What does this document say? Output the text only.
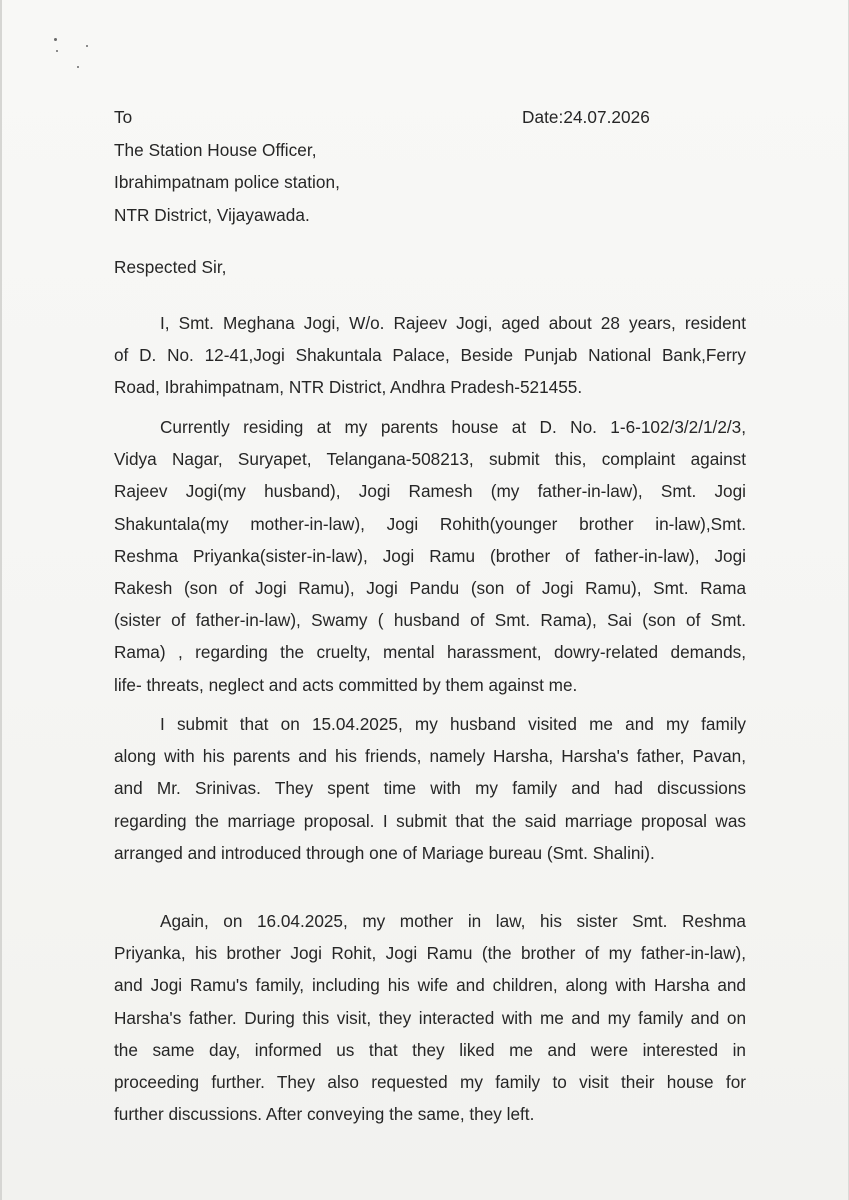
To	Date:24.07.2026
The Station House Officer,
Ibrahimpatnam police station,
NTR District, Vijayawada.
Respected Sir,
I, Smt. Meghana Jogi, W/o. Rajeev Jogi, aged about 28 years, resident
of D. No. 12-41,Jogi Shakuntala Palace, Beside Punjab National Bank,Ferry
Road, Ibrahimpatnam, NTR District, Andhra Pradesh-521455.
Currently residing at my parents house at D. No. 1-6-102/3/2/1/2/3,
Vidya Nagar, Suryapet, Telangana-508213, submit this, complaint against
Rajeev Jogi(my husband), Jogi Ramesh (my father-in-law), Smt. Jogi
Shakuntala(my mother-in-law), Jogi Rohith(younger brother in-law),Smt.
Reshma Priyanka(sister-in-law), Jogi Ramu (brother of father-in-law), Jogi
Rakesh (son of Jogi Ramu), Jogi Pandu (son of Jogi Ramu), Smt. Rama
(sister of father-in-law), Swamy ( husband of Smt. Rama), Sai (son of Smt.
Rama) , regarding the cruelty, mental harassment, dowry-related demands,
life- threats, neglect and acts committed by them against me.
I submit that on 15.04.2025, my husband visited me and my family
along with his parents and his friends, namely Harsha, Harsha's father, Pavan,
and Mr. Srinivas. They spent time with my family and had discussions
regarding the marriage proposal. I submit that the said marriage proposal was
arranged and introduced through one of Mariage bureau (Smt. Shalini).
Again, on 16.04.2025, my mother in law, his sister Smt. Reshma
Priyanka, his brother Jogi Rohit, Jogi Ramu (the brother of my father-in-law),
and Jogi Ramu's family, including his wife and children, along with Harsha and
Harsha's father. During this visit, they interacted with me and my family and on
the same day, informed us that they liked me and were interested in
proceeding further. They also requested my family to visit their house for
further discussions. After conveying the same, they left.
